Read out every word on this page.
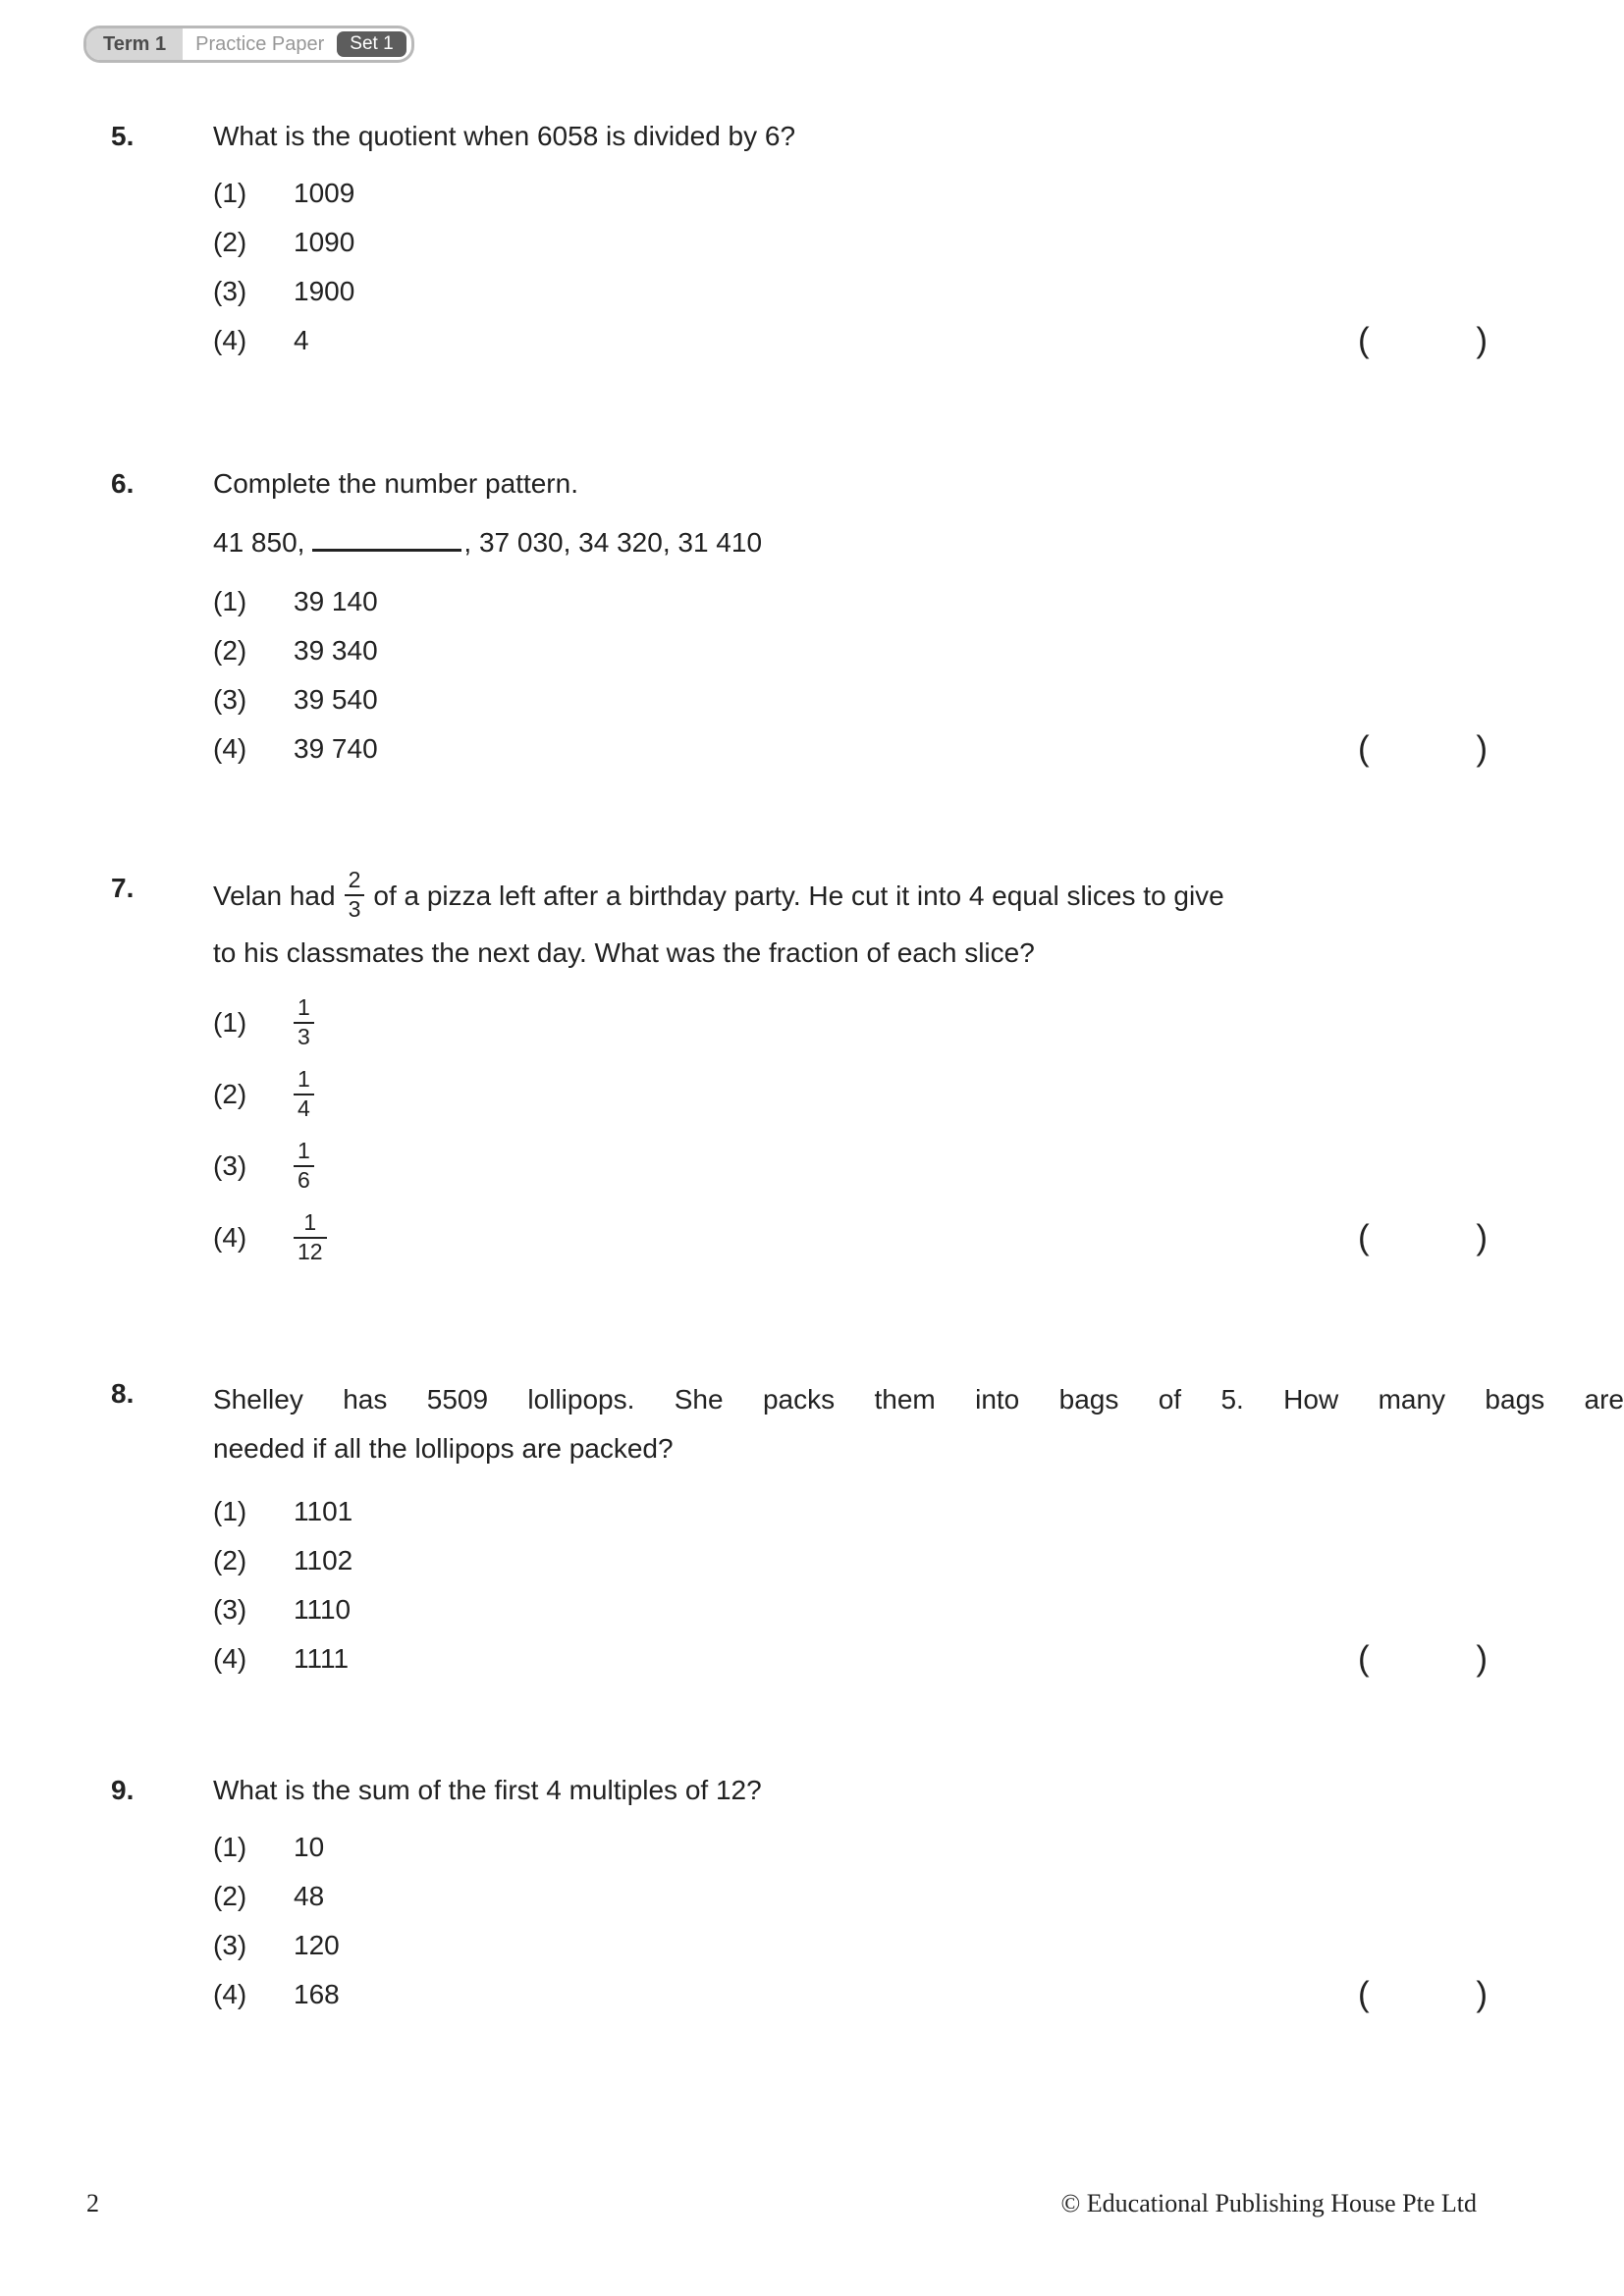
Term 1	Practice Paper	Set 1
5.	What is the quotient when 6058 is divided by 6?
(1)	1009
(2)	1090
(3)	1900
(4)	4	(	)
6.	Complete the number pattern.
41 850,	, 37 030, 34 320, 31 410
(1)	39 140
(2)	39 340
(3)	39 540
(4)	39 740	(	)
7.	Velan had $\frac{2}{3}$ of a pizza left after a birthday party. He cut it into 4 equal slices to give
to his classmates the next day. What was the fraction of each slice?
(1)	$\frac{1}{3}$
(2)	$\frac{1}{4}$
(3)	$\frac{1}{6}$
(4)	$\frac{1}{12}$	(	)
8.	Shelley has 5509 lollipops. She packs them into bags of 5. How many bags are
needed if all the lollipops are packed?
(1)	1101
(2)	1102
(3)	1110
(4)	1111	(	)
9.	What is the sum of the first 4 multiples of 12?
(1)	10
(2)	48
(3)	120
(4)	168	(	)
2	© Educational Publishing House Pte Ltd
